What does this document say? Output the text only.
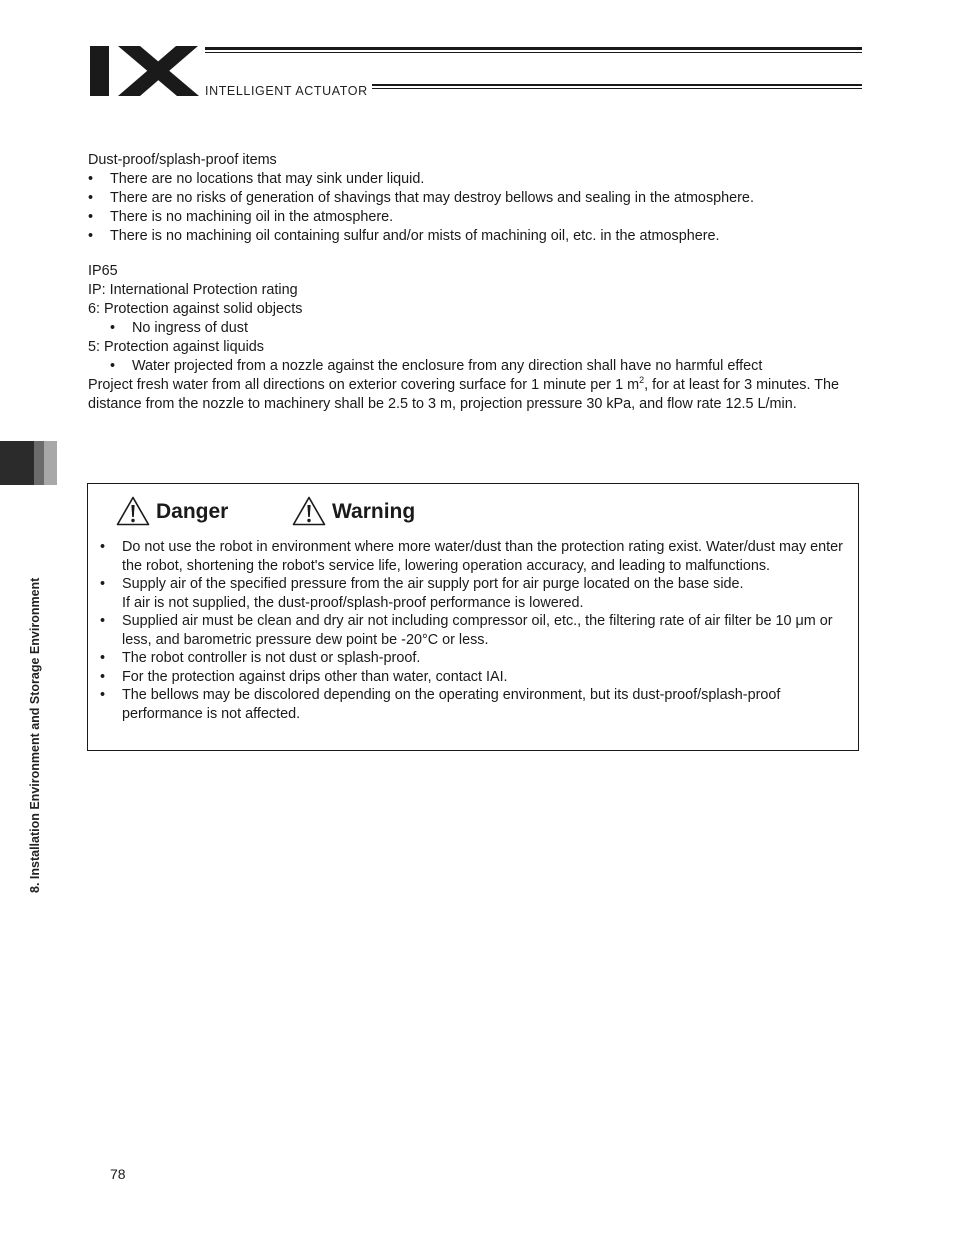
INTELLIGENT ACTUATOR

Dust-proof/splash-proof items

• There are no locations that may sink under liquid.
• There are no risks of generation of shavings that may destroy bellows and sealing in the atmosphere.
• There is no machining oil in the atmosphere.
• There is no machining oil containing sulfur and/or mists of machining oil, etc. in the atmosphere.

IP65

IP: International Protection rating

6: Protection against solid objects

• No ingress of dust

5: Protection against liquids

• Water projected from a nozzle against the enclosure from any direction shall have no harmful effect

Project fresh water from all directions on exterior covering surface for 1 minute per 1 $m^2$, for at least for 3 minutes. The distance from the nozzle to machinery shall be 2.5 to 3 m, projection pressure 30 kPa, and flow rate 12.5 L/min.

8. Installation Environment and Storage Environment
Danger	Warning
• Do not use the robot in environment where more water/dust than the protection rating exist. Water/dust may enter the robot, shortening the robot's service life, lowering operation accuracy, and leading to malfunctions.
• Supply air of the specified pressure from the air supply port for air purge located on the base side.
If air is not supplied, the dust-proof/splash-proof performance is lowered.
• Supplied air must be clean and dry air not including compressor oil, etc., the filtering rate of air filter be 10 μm or less, and barometric pressure dew point be -20°C or less.
• The robot controller is not dust or splash-proof.
• For the protection against drips other than water, contact IAI.
• The bellows may be discolored depending on the operating environment, but its dust-proof/splash-proof performance is not affected.
78
